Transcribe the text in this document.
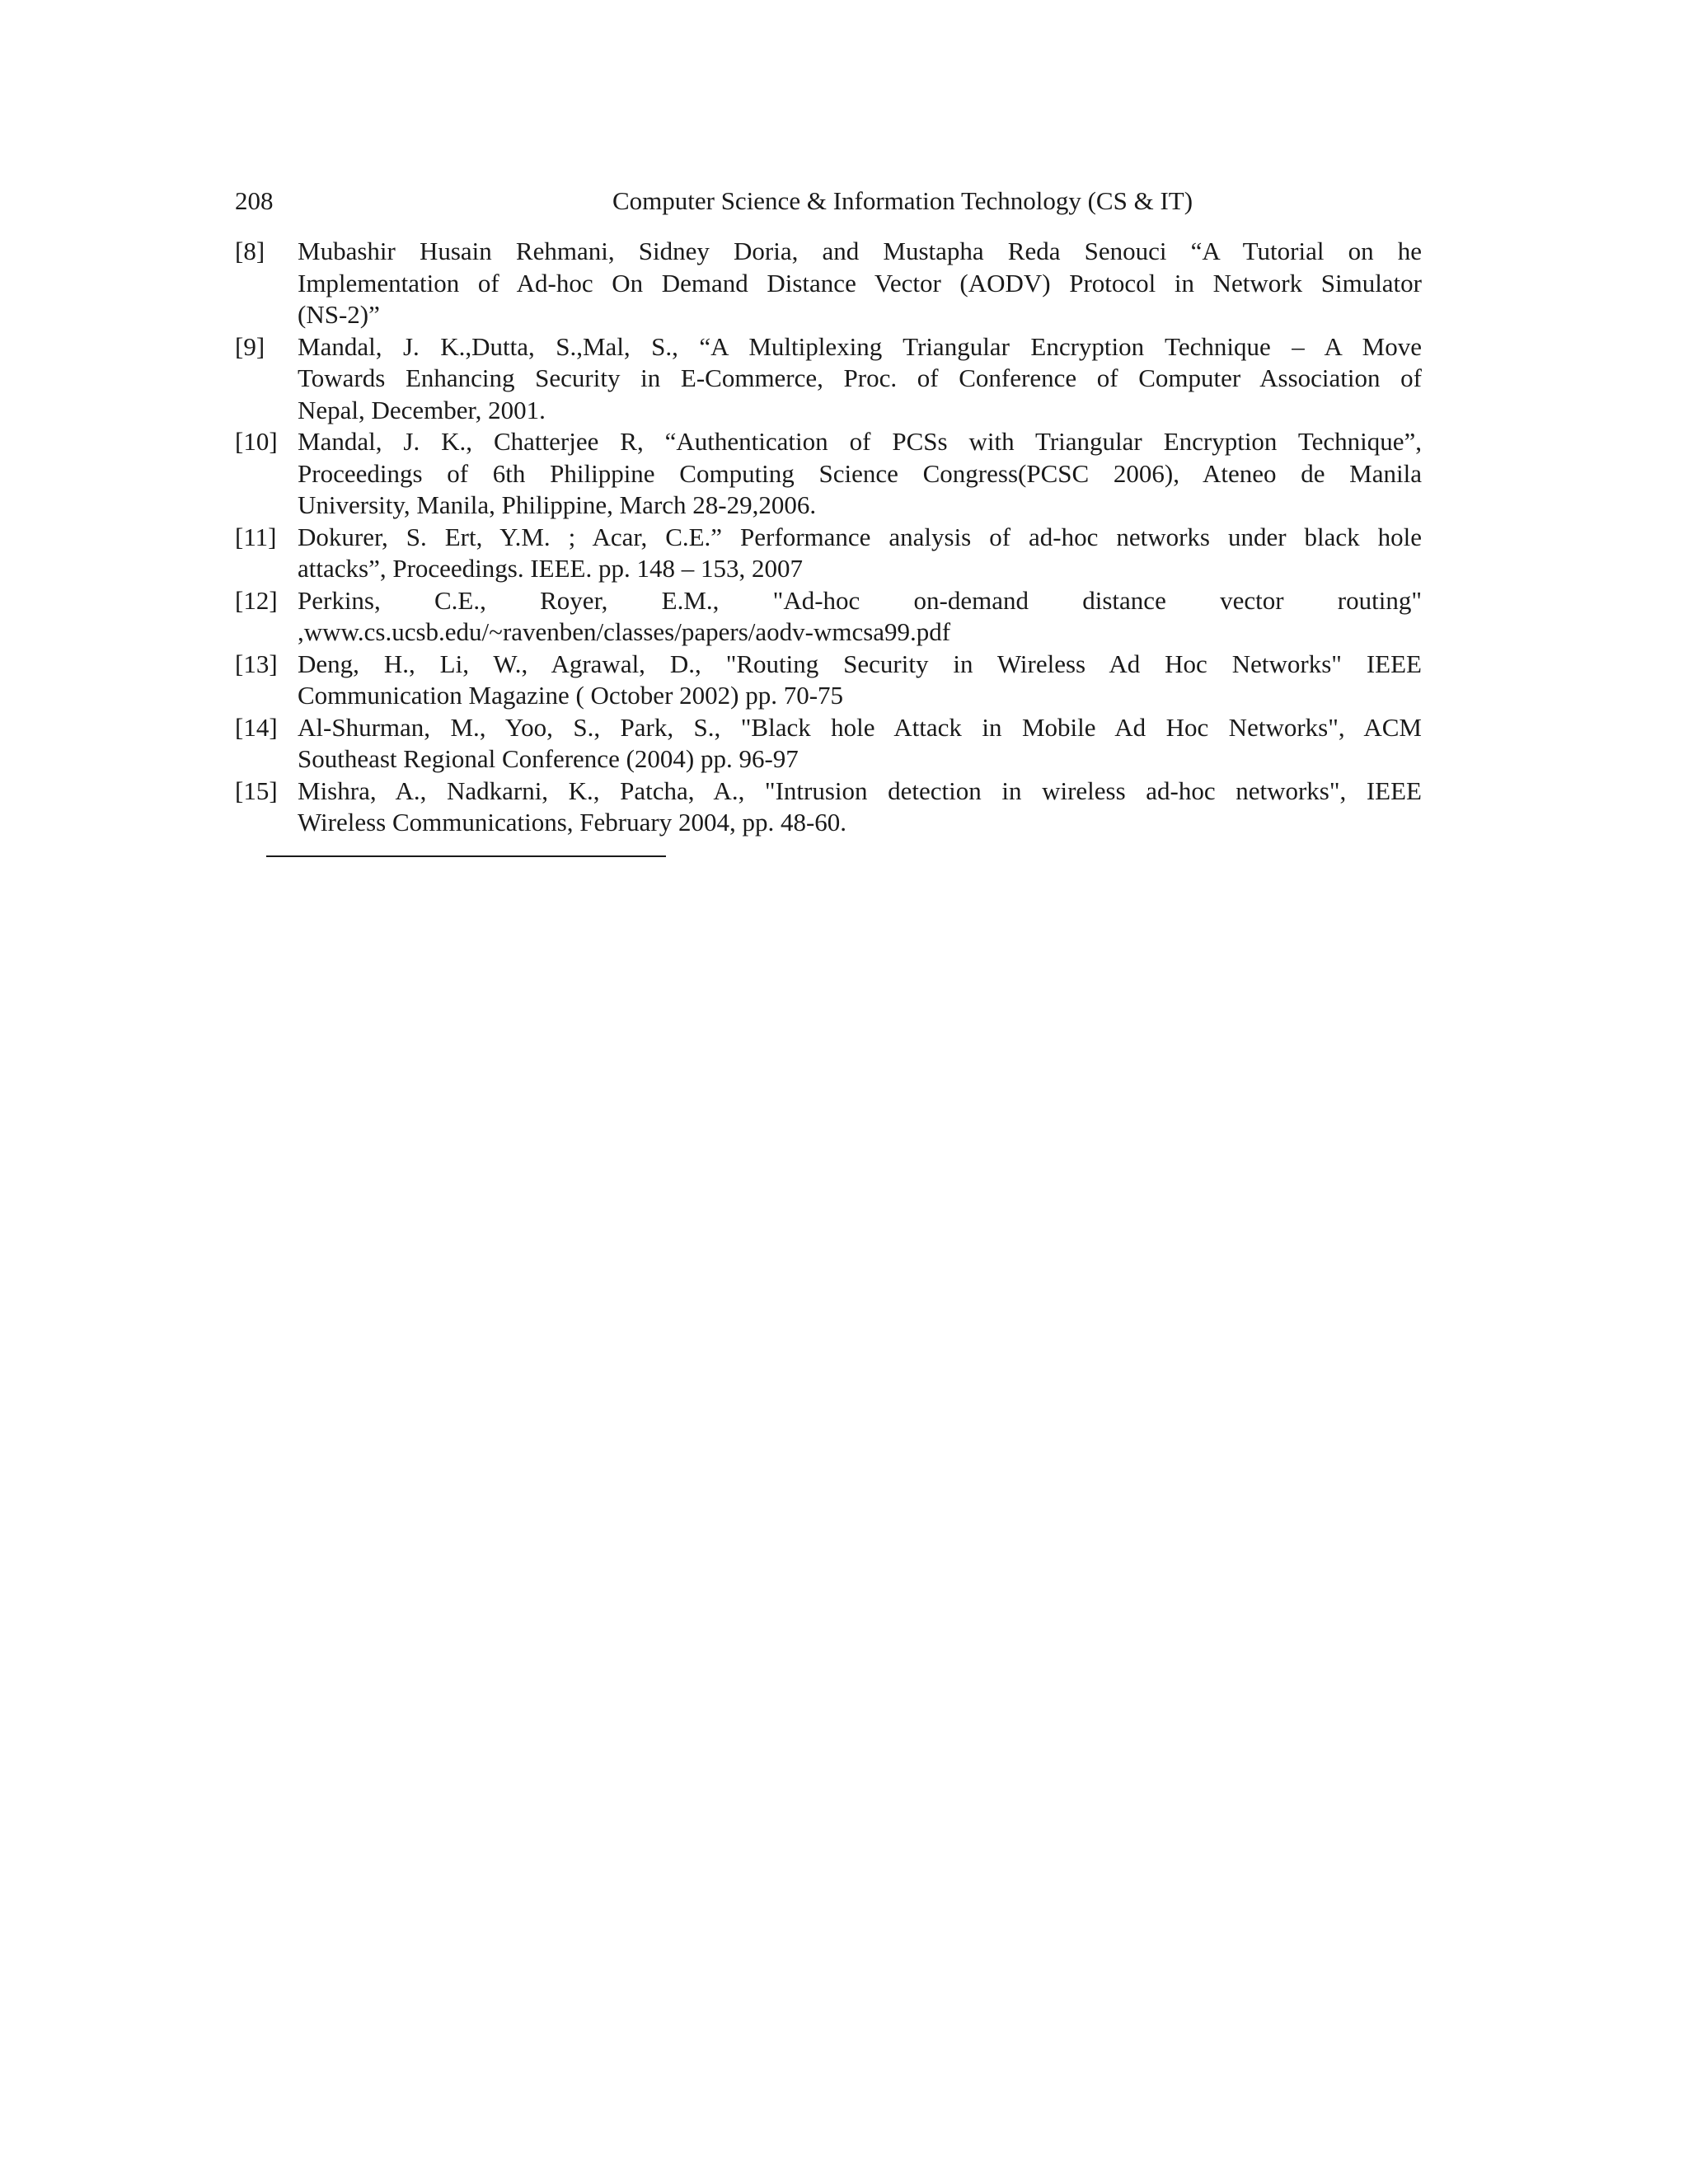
208	Computer Science & Information Technology (CS & IT)
[8]	Mubashir Husain Rehmani, Sidney Doria, and Mustapha Reda Senouci “A Tutorial on he
Implementation of Ad-hoc On Demand Distance Vector (AODV) Protocol in Network Simulator
(NS-2)”
[9]	Mandal, J. K.,Dutta, S.,Mal, S., “A Multiplexing Triangular Encryption Technique – A Move
Towards Enhancing Security in E-Commerce, Proc. of Conference of Computer Association of
Nepal, December, 2001.
[10] Mandal, J. K., Chatterjee R, “Authentication of PCSs with Triangular Encryption Technique”,
Proceedings of 6th Philippine Computing Science Congress(PCSC 2006), Ateneo de Manila
University, Manila, Philippine, March 28-29,2006.
[11] Dokurer, S. Ert, Y.M. ; Acar, C.E.” Performance analysis of ad-hoc networks under black hole
attacks”, Proceedings. IEEE. pp. 148 – 153, 2007
[12] Perkins, C.E., Royer, E.M., "Ad-hoc on-demand distance vector routing"
,www.cs.ucsb.edu/~ravenben/classes/papers/aodv-wmcsa99.pdf
[13] Deng, H., Li, W., Agrawal, D., "Routing Security in Wireless Ad Hoc Networks" IEEE
Communication Magazine ( October 2002) pp. 70-75
[14] Al-Shurman, M., Yoo, S., Park, S., "Black hole Attack in Mobile Ad Hoc Networks", ACM
Southeast Regional Conference (2004) pp. 96-97
[15] Mishra, A., Nadkarni, K., Patcha, A., "Intrusion detection in wireless ad-hoc networks", IEEE
Wireless Communications, February 2004, pp. 48-60.
